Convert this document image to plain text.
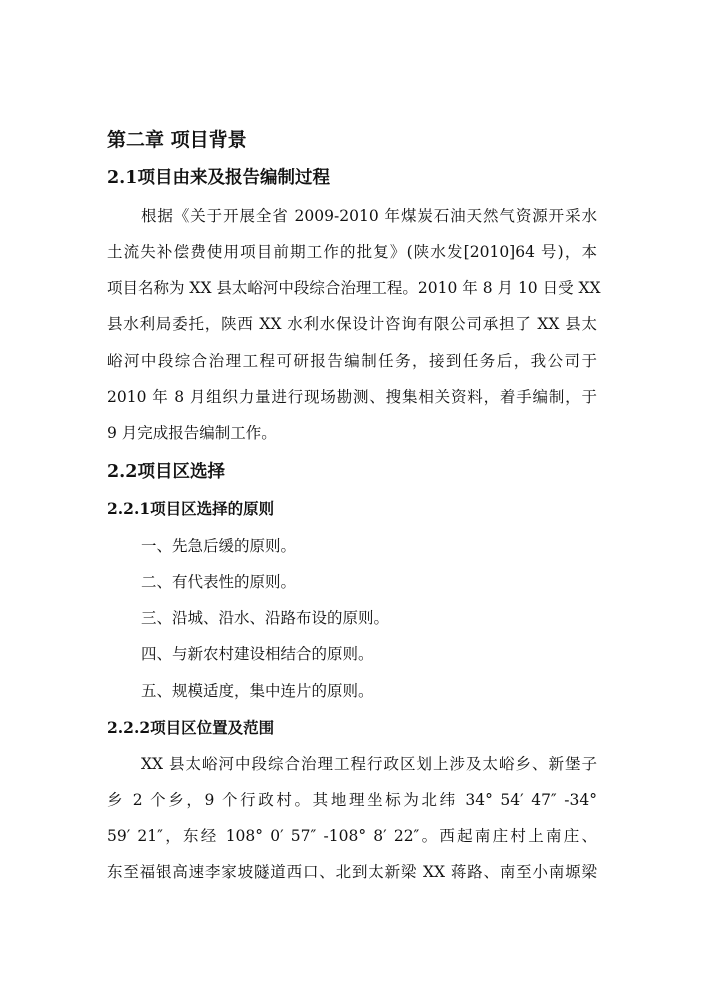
第二章 项目背景
2.1项目由来及报告编制过程
根据《关于开展全省 2009-2010 年煤炭石油天然气资源开采水
土流失补偿费使用项目前期工作的批复》(陕水发[2010]64 号)，本
项目名称为 XX 县太峪河中段综合治理工程。2010 年 8 月 10 日受 XX
县水利局委托，陕西 XX 水利水保设计咨询有限公司承担了 XX 县太
峪河中段综合治理工程可研报告编制任务，接到任务后，我公司于
2010 年 8 月组织力量进行现场勘测、搜集相关资料，着手编制，于
9 月完成报告编制工作。
2.2项目区选择
2.2.1项目区选择的原则
一、先急后缓的原则。
二、有代表性的原则。
三、沿城、沿水、沿路布设的原则。
四、与新农村建设相结合的原则。
五、规模适度，集中连片的原则。
2.2.2项目区位置及范围
XX 县太峪河中段综合治理工程行政区划上涉及太峪乡、新堡子
乡 2 个乡，9 个行政村。其地理坐标为北纬 34° 54′ 47″ -34°
59′ 21″，东经 108° 0′ 57″ -108° 8′ 22″。西起南庄村上南庄、
东至福银高速李家坡隧道西口、北到太新梁 XX 蒋路、南至小南塬梁
